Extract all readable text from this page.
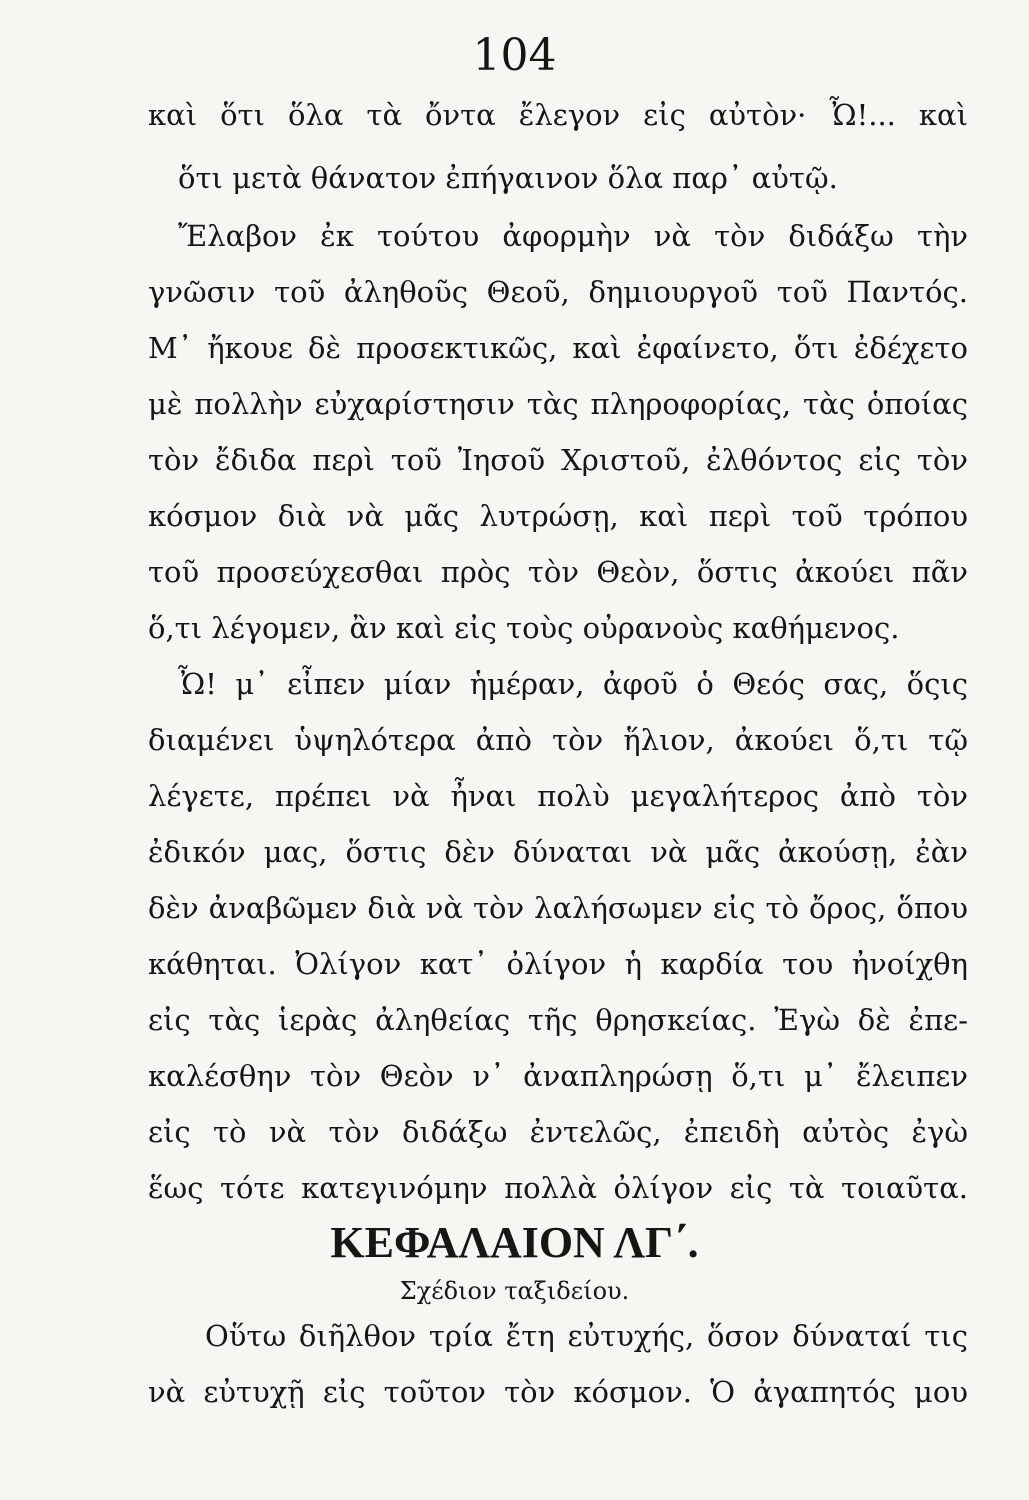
104
καὶ ὅτι ὅλα τὰ ὄντα ἔλεγον εἰς αὐτὸν· Ὦ!... καὶ
ὅτι μετὰ θάνατον ἐπήγαινον ὅλα παρ᾽ αὐτῷ.
Ἔλαβον ἐκ τούτου ἀφορμὴν νὰ τὸν διδάξω τὴν
γνῶσιν τοῦ ἀληθοῦς Θεοῦ, δημιουργοῦ τοῦ Παντός.
Μ᾽ ἤκουε δὲ προσεκτικῶς, καὶ ἐφαίνετο, ὅτι ἐδέχετο
μὲ πολλὴν εὐχαρίστησιν τὰς πληροφορίας, τὰς ὁποίας
τὸν ἔδιδα περὶ τοῦ Ἰησοῦ Χριστοῦ, ἐλθόντος εἰς τὸν
κόσμον διὰ νὰ μᾶς λυτρώσῃ, καὶ περὶ τοῦ τρόπου
τοῦ προσεύχεσθαι πρὸς τὸν Θεὸν, ὅστις ἀκούει πᾶν
ὅ,τι λέγομεν, ἂν καὶ εἰς τοὺς οὐρανοὺς καθήμενος.
Ὦ! μ᾽ εἶπεν μίαν ἡμέραν, ἀφοῦ ὁ Θεός σας, ὅςις
διαμένει ὑψηλότερα ἀπὸ τὸν ἥλιον, ἀκούει ὅ,τι τῷ
λέγετε, πρέπει νὰ ἦναι πολὺ μεγαλήτερος ἀπὸ τὸν
ἐδικόν μας, ὅστις δὲν δύναται νὰ μᾶς ἀκούσῃ, ἐὰν
δὲν ἀναβῶμεν διὰ νὰ τὸν λαλήσωμεν εἰς τὸ ὄρος, ὅπου
κάθηται. Ὀλίγον κατ᾽ ὀλίγον ἡ καρδία του ἠνοίχθη
εἰς τὰς ἱερὰς ἀληθείας τῆς θρησκείας. Ἐγὼ δὲ ἐπε-
καλέσθην τὸν Θεὸν ν᾽ ἀναπληρώσῃ ὅ,τι μ᾽ ἔλειπεν
εἰς τὸ νὰ τὸν διδάξω ἐντελῶς, ἐπειδὴ αὐτὸς ἐγὼ
ἕως τότε κατεγινόμην πολλὰ ὀλίγον εἰς τὰ τοιαῦτα.
ΚΕΦΑΛΑΙΟΝ ΛΓ΄.
Σχέδιον ταξιδείου.
Οὕτω διῆλθον τρία ἔτη εὐτυχής, ὅσον δύναταί τις
νὰ εὐτυχῇ εἰς τοῦτον τὸν κόσμον. Ὁ ἀγαπητός μου
